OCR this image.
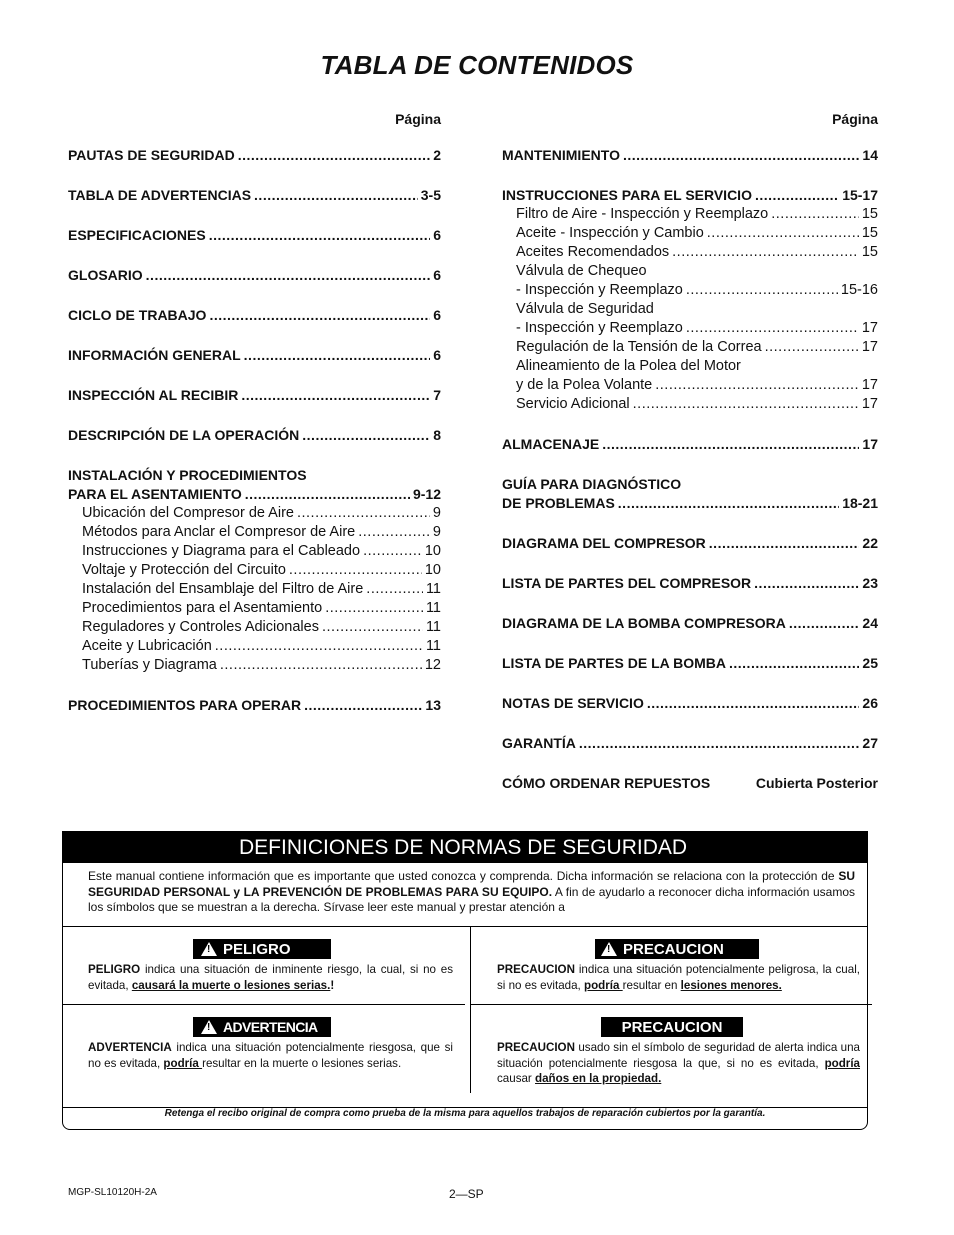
TABLA DE CONTENIDOS
Página
PAUTAS DE SEGURIDAD .....	2
TABLA DE ADVERTENCIAS .....	3-5
ESPECIFICACIONES .....	6
GLOSARIO .....	6
CICLO DE TRABAJO .....	6
INFORMACIÓN GENERAL .....	6
INSPECCIÓN AL RECIBIR .....	7
DESCRIPCIÓN DE LA OPERACIÓN .....	8
INSTALACIÓN Y PROCEDIMIENTOS
PARA EL ASENTAMIENTO .....	9-12
Ubicación del Compresor de Aire .....	9
Métodos para Anclar el Compresor de Aire .....	9
Instrucciones y Diagrama para el Cableado .....	10
Voltaje y Protección del Circuito .....	10
Instalación del Ensamblaje del Filtro de Aire .....	11
Procedimientos para el Asentamiento .....	11
Reguladores y Controles Adicionales .....	11
Aceite y Lubricación .....	11
Tuberías y Diagrama .....	12
PROCEDIMIENTOS PARA OPERAR .....	13
Página
MANTENIMIENTO .....	14
INSTRUCCIONES PARA EL SERVICIO .....	15-17
Filtro de Aire - Inspección y Reemplazo .....	15
Aceite - Inspección y Cambio .....	15
Aceites Recomendados .....	15
Válvula de Chequeo
- Inspección y Reemplazo .....	15-16
Válvula de Seguridad
- Inspección y Reemplazo .....	17
Regulación de la Tensión de la Correa .....	17
Alineamiento de la Polea del Motor
y de la Polea Volante .....	17
Servicio Adicional .....	17
ALMACENAJE .....	17
GUÍA PARA DIAGNÓSTICO
DE PROBLEMAS .....	18-21
DIAGRAMA DEL COMPRESOR .....	22
LISTA DE PARTES DEL COMPRESOR .....	23
DIAGRAMA DE LA BOMBA COMPRESORA .....	24
LISTA DE PARTES DE LA BOMBA .....	25
NOTAS DE SERVICIO .....	26
GARANTÍA .....	27
CÓMO ORDENAR REPUESTOS	Cubierta Posterior
DEFINICIONES DE NORMAS DE SEGURIDAD
Este manual contiene información que es importante que usted conozca y comprenda. Dicha información se relaciona con la protección de SU SEGURIDAD PERSONAL y LA PREVENCIÓN DE PROBLEMAS PARA SU EQUIPO. A fin de ayudarlo a reconocer dicha información usamos los símbolos que se muestran a la derecha. Sírvase leer este manual y prestar atención a
! PELIGRO
PELIGRO indica una situación de inminente riesgo, la cual, si no es evitada, causará la muerte o lesiones serias.!
! PRECAUCION
PRECAUCION indica una situación potencialmente peligrosa, la cual, si no es evitada, podría resultar en lesiones menores.
! ADVERTENCIA
ADVERTENCIA indica una situación potencialmente riesgosa, que si no es evitada, podría resultar en la muerte o lesiones serias.
PRECAUCION
PRECAUCION usado sin el símbolo de seguridad de alerta indica una situación potencialmente riesgosa la que, si no es evitada, podría causar daños en la propiedad.
Retenga el recibo original de compra como prueba de la misma para aquellos trabajos de reparación cubiertos por la garantía.
MGP-SL10120H-2A	2—SP
